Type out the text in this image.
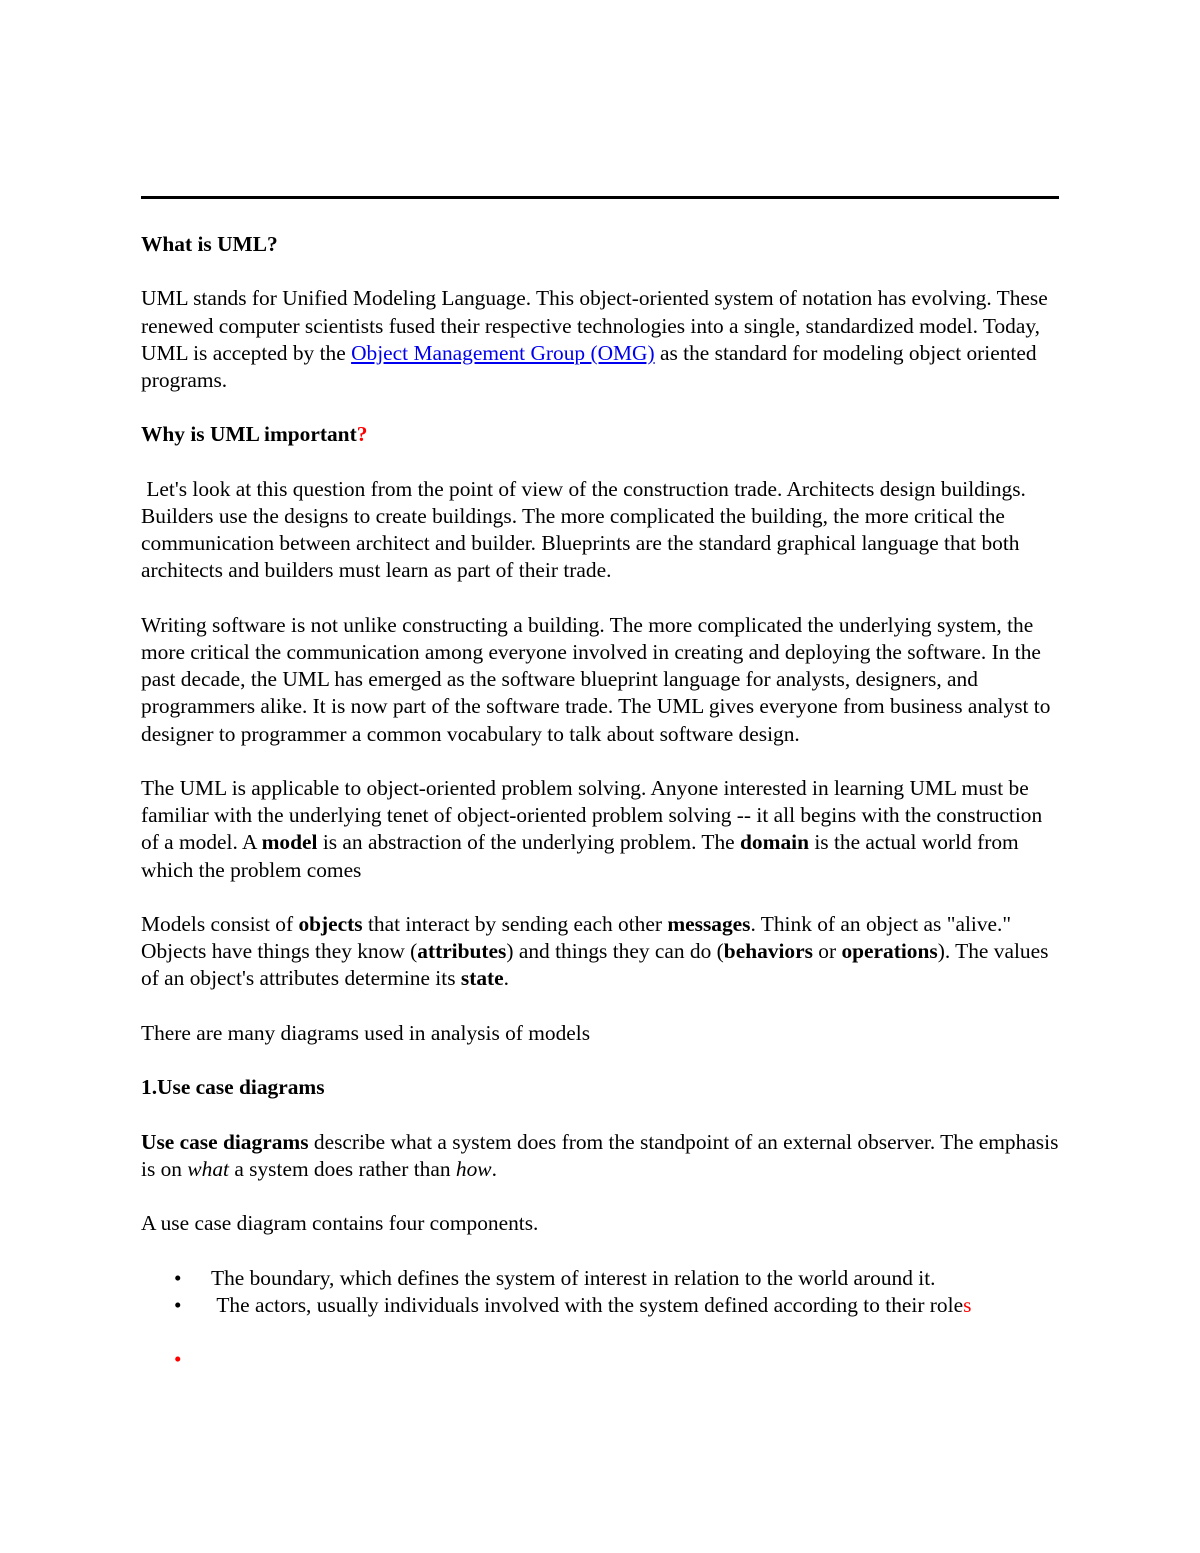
What is UML?

UML stands for Unified Modeling Language. This object-oriented system of notation has evolving. These renewed computer scientists fused their respective technologies into a single, standardized model. Today, UML is accepted by the Object Management Group (OMG) as the standard for modeling object oriented programs.

Why is UML important?

Let's look at this question from the point of view of the construction trade. Architects design buildings. Builders use the designs to create buildings. The more complicated the building, the more critical the communication between architect and builder. Blueprints are the standard graphical language that both architects and builders must learn as part of their trade.

Writing software is not unlike constructing a building. The more complicated the underlying system, the more critical the communication among everyone involved in creating and deploying the software. In the past decade, the UML has emerged as the software blueprint language for analysts, designers, and programmers alike. It is now part of the software trade. The UML gives everyone from business analyst to designer to programmer a common vocabulary to talk about software design.

The UML is applicable to object-oriented problem solving. Anyone interested in learning UML must be familiar with the underlying tenet of object-oriented problem solving -- it all begins with the construction of a model. A model is an abstraction of the underlying problem. The domain is the actual world from which the problem comes

Models consist of objects that interact by sending each other messages. Think of an object as "alive." Objects have things they know (attributes) and things they can do (behaviors or operations). The values of an object's attributes determine its state.

There are many diagrams used in analysis of models

1.Use case diagrams

Use case diagrams describe what a system does from the standpoint of an external observer. The emphasis is on what a system does rather than how.

A use case diagram contains four components.

• The boundary, which defines the system of interest in relation to the world around it.
• The actors, usually individuals involved with the system defined according to their roles
•
